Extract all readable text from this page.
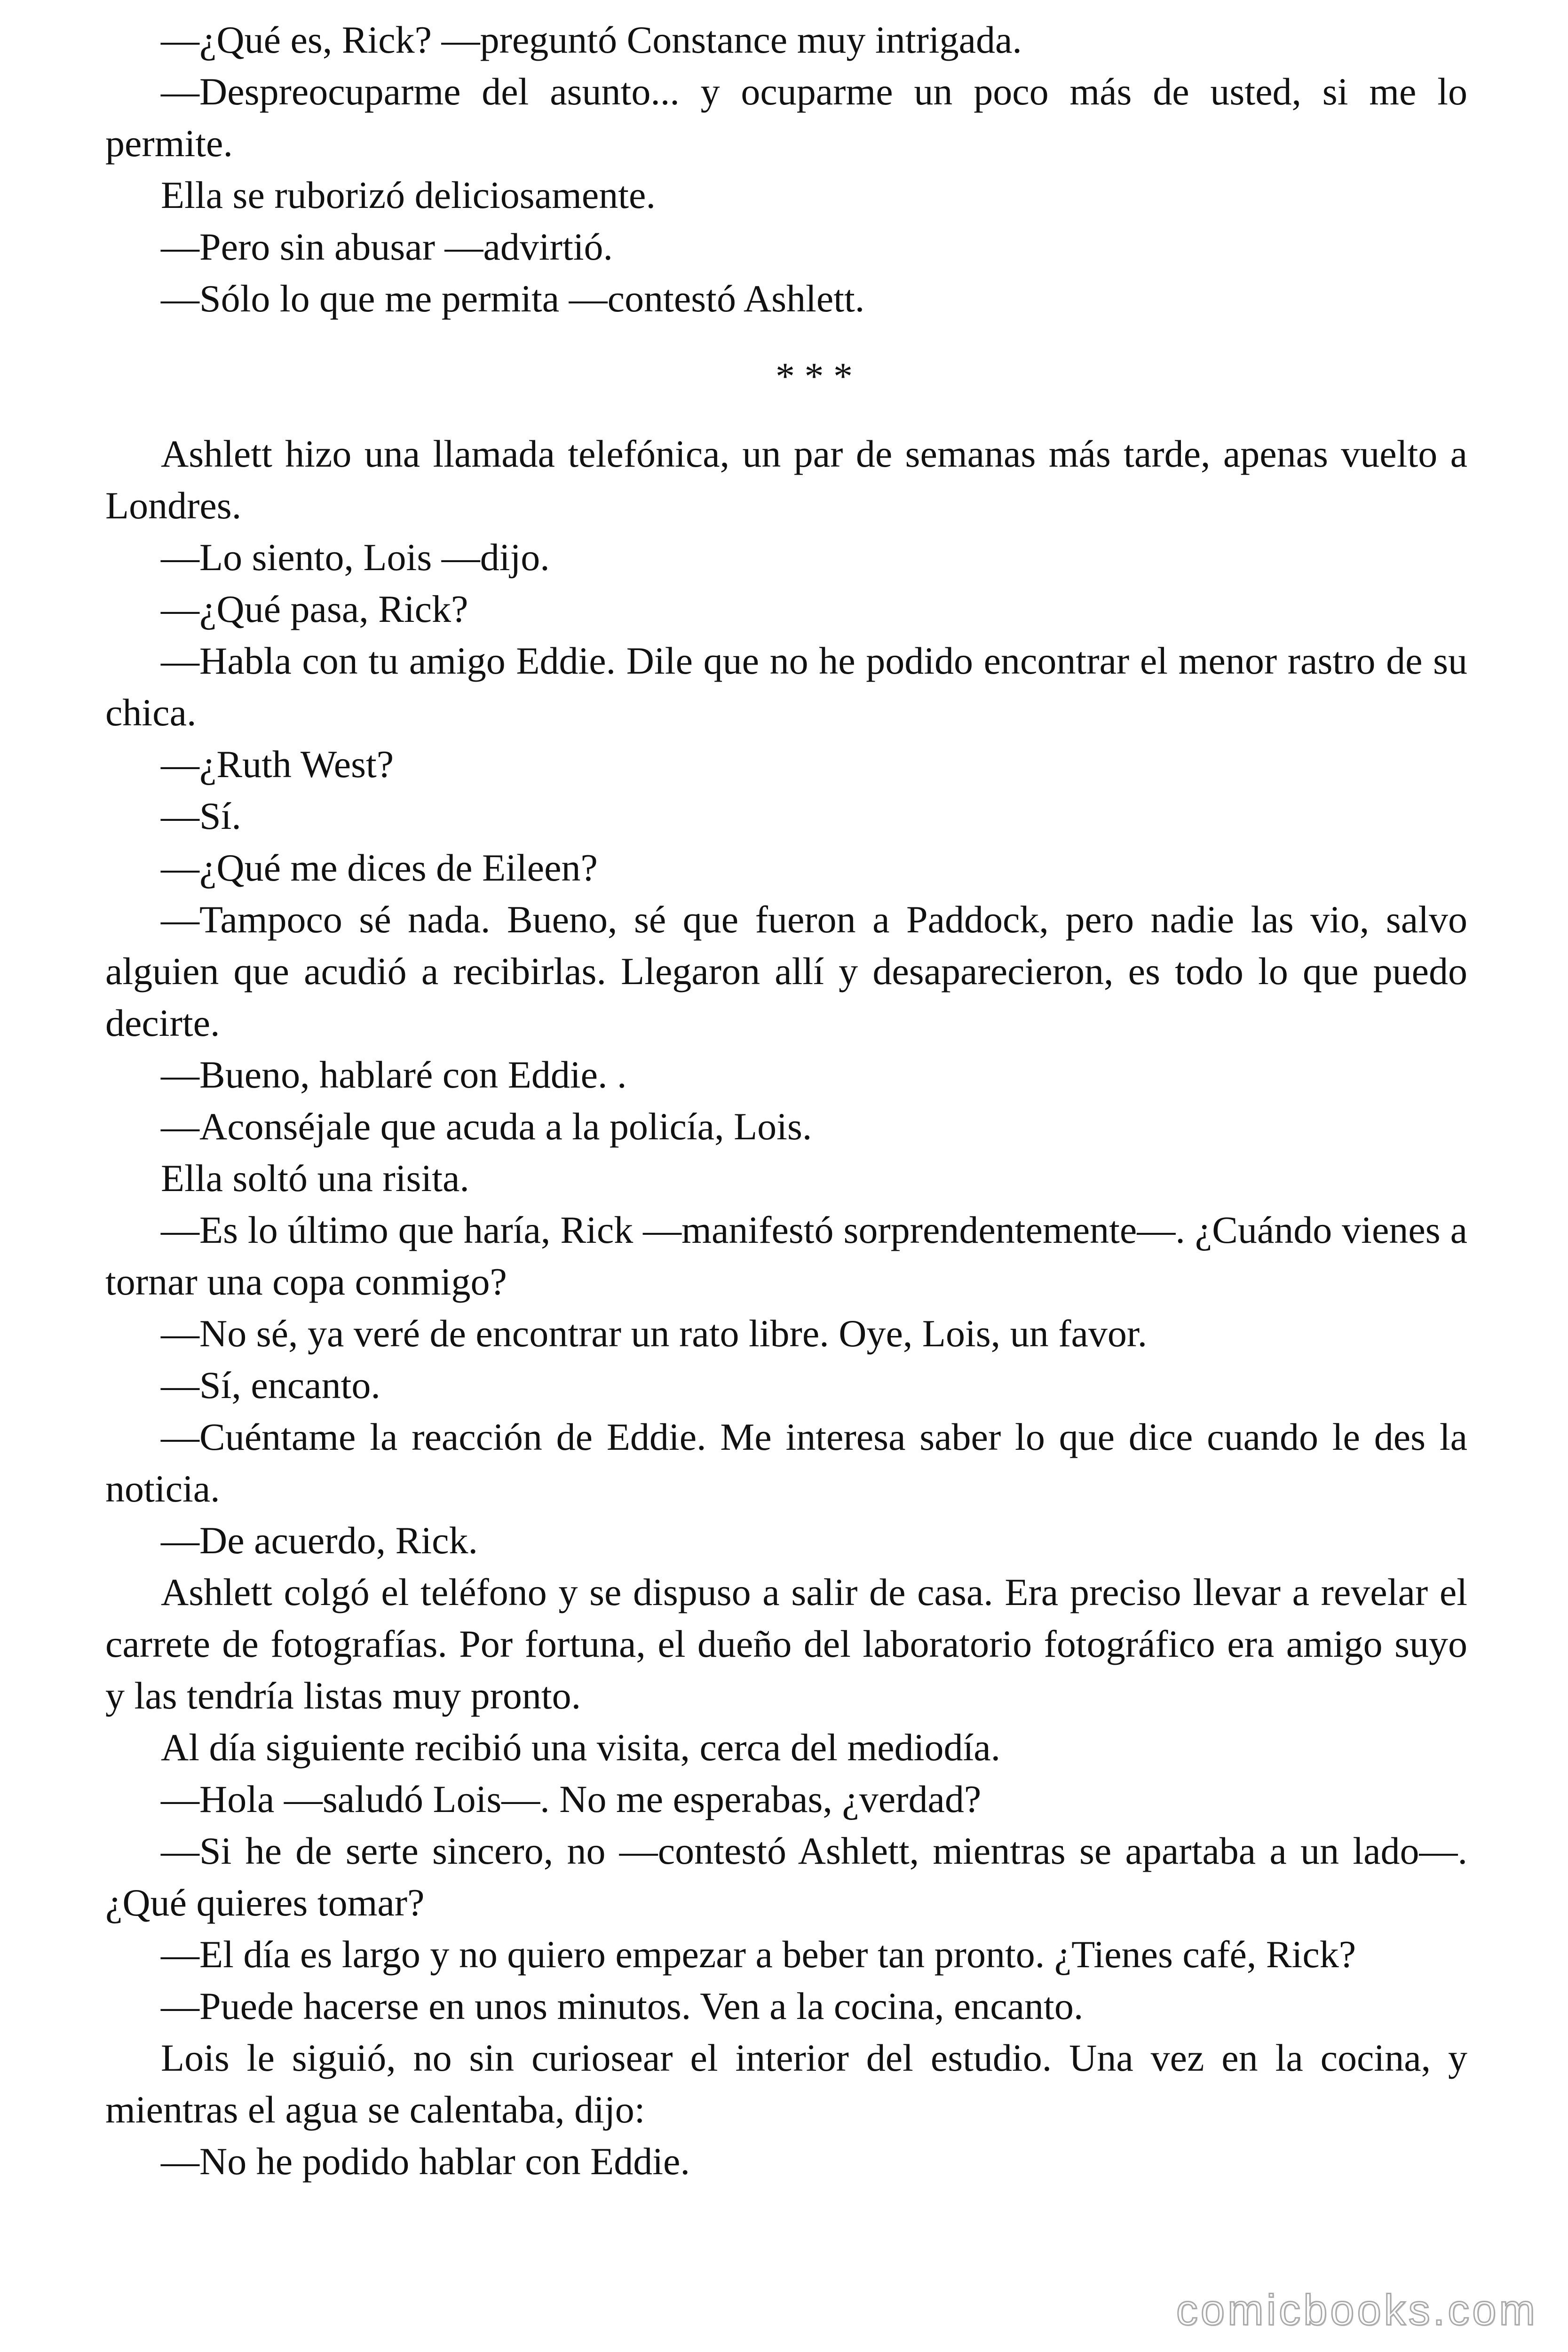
—¿Qué es, Rick? —preguntó Constance muy intrigada.

—Despreocuparme del asunto... y ocuparme un poco más de usted, si me lo permite.

Ella se ruborizó deliciosamente.

—Pero sin abusar —advirtió.

—Sólo lo que me permita —contestó Ashlett.

* * *

Ashlett hizo una llamada telefónica, un par de semanas más tarde, apenas vuelto a Londres.

—Lo siento, Lois —dijo.

—¿Qué pasa, Rick?

—Habla con tu amigo Eddie. Dile que no he podido encontrar el menor rastro de su chica.

—¿Ruth West?

—Sí.

—¿Qué me dices de Eileen?

—Tampoco sé nada. Bueno, sé que fueron a Paddock, pero nadie las vio, salvo alguien que acudió a recibirlas. Llegaron allí y desaparecieron, es todo lo que puedo decirte.

—Bueno, hablaré con Eddie. .

—Aconséjale que acuda a la policía, Lois.

Ella soltó una risita.

—Es lo último que haría, Rick —manifestó sorprendentemente—. ¿Cuándo vienes a tornar una copa conmigo?

—No sé, ya veré de encontrar un rato libre. Oye, Lois, un favor.

—Sí, encanto.

—Cuéntame la reacción de Eddie. Me interesa saber lo que dice cuando le des la noticia.

—De acuerdo, Rick.

Ashlett colgó el teléfono y se dispuso a salir de casa. Era preciso llevar a revelar el carrete de fotografías. Por fortuna, el dueño del laboratorio fotográfico era amigo suyo y las tendría listas muy pronto.

Al día siguiente recibió una visita, cerca del mediodía.

—Hola —saludó Lois—. No me esperabas, ¿verdad?

—Si he de serte sincero, no —contestó Ashlett, mientras se apartaba a un lado—. ¿Qué quieres tomar?

—El día es largo y no quiero empezar a beber tan pronto. ¿Tienes café, Rick?

—Puede hacerse en unos minutos. Ven a la cocina, encanto.

Lois le siguió, no sin curiosear el interior del estudio. Una vez en la cocina, y mientras el agua se calentaba, dijo:

—No he podido hablar con Eddie.

comicbooks.com
